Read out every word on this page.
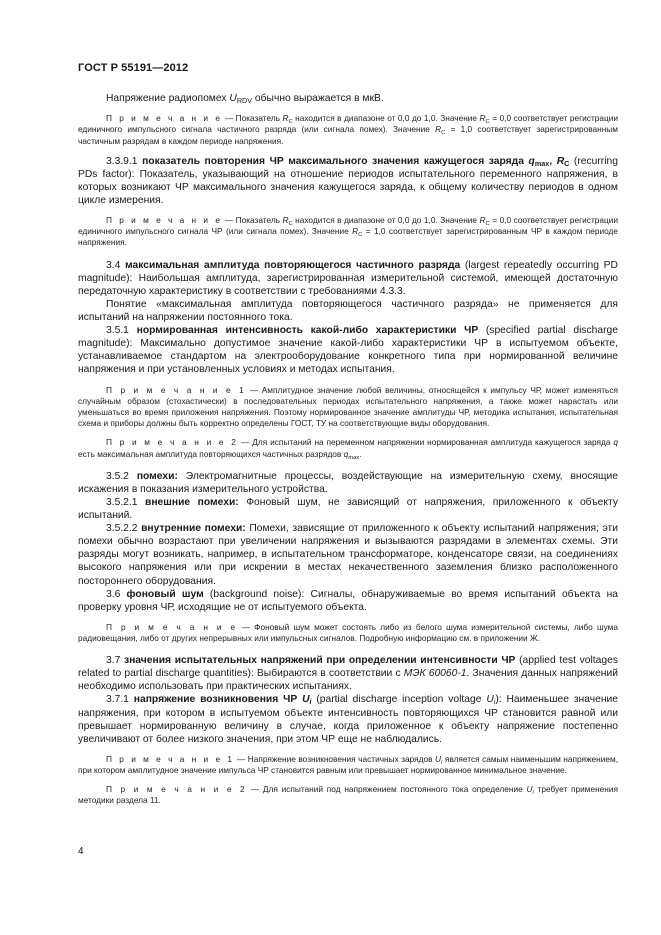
ГОСТ Р 55191—2012

Напряжение радиопомех $U_{RDV}$ обычно выражается в мкВ.

П р и м е ч а н и е — Показатель $R_C$ находится в диапазоне от 0,0 до 1,0. Значение $R_C = 0,0$ соответствует регистрации единичного импульсного сигнала частичного разряда (или сигнала помех). Значение $R_C = 1,0$ соответствует зарегистрированным частичным разрядам в каждом периоде напряжения.

3.3.9.1 показатель повторения ЧР максимального значения кажущегося заряда $q_{max}$, $R_C$ (recurring PDs factor): Показатель, указывающий на отношение периодов испытательного переменного напряжения, в которых возникают ЧР максимального значения кажущегося заряда, к общему количеству периодов в одном цикле измерения.

П р и м е ч а н и е — Показатель $R_C$ находится в диапазоне от 0,0 до 1,0. Значение $R_C = 0,0$ соответствует регистрации единичного импульсного сигнала ЧР (или сигнала помех). Значение $R_C = 1,0$ соответствует зарегистрированным ЧР в каждом периоде напряжения.

3.4 максимальная амплитуда повторяющегося частичного разряда (largest repeatedly occurring PD magnitude): Наибольшая амплитуда, зарегистрированная измерительной системой, имеющей достаточную передаточную характеристику в соответствии с требованиями 4.3.3.

Понятие «максимальная амплитуда повторяющегося частичного разряда» не применяется для испытаний на напряжении постоянного тока.

3.5.1 нормированная интенсивность какой-либо характеристики ЧР (specified partial discharge magnitude): Максимально допустимое значение какой-либо характеристики ЧР в испытуемом объекте, устанавливаемое стандартом на электрооборудование конкретного типа при нормированной величине напряжения и при установленных условиях и методах испытания.

П р и м е ч а н и е 1 — Амплитудное значение любой величины, относящейся к импульсу ЧР, может изменяться случайным образом (стохастически) в последовательных периодах испытательного напряжения, а также может нарастать или уменьшаться во время приложения напряжения. Поэтому нормированное значение амплитуды ЧР, методика испытания, испытательная схема и приборы должны быть корректно определены ГОСТ, ТУ на соответствующие виды оборудования.

П р и м е ч а н и е 2 — Для испытаний на переменном напряжении нормированная амплитуда кажущегося заряда q есть максимальная амплитуда повторяющихся частичных разрядов $q_{max}$.

3.5.2 помехи: Электромагнитные процессы, воздействующие на измерительную схему, вносящие искажения в показания измерительного устройства.

3.5.2.1 внешние помехи: Фоновый шум, не зависящий от напряжения, приложенного к объекту испытаний.

3.5.2.2 внутренние помехи: Помехи, зависящие от приложенного к объекту испытаний напряжения; эти помехи обычно возрастают при увеличении напряжения и вызываются разрядами в элементах схемы. Эти разряды могут возникать, например, в испытательном трансформаторе, конденсаторе связи, на соединениях высокого напряжения или при искрении в местах некачественного заземления близко расположенного постороннего оборудования.

3.6 фоновый шум (background noise): Сигналы, обнаруживаемые во время испытаний объекта на проверку уровня ЧР, исходящие не от испытуемого объекта.

П р и м е ч а н и е — Фоновый шум может состоять либо из белого шума измерительной системы, либо шума радиовещания, либо от других непрерывных или импульсных сигналов. Подробную информацию см. в приложении Ж.

3.7 значения испытательных напряжений при определении интенсивности ЧР (applied test voltages related to partial discharge quantities): Выбираются в соответствии с МЭК 60060-1. Значения данных напряжений необходимо использовать при практических испытаниях.

3.7.1 напряжение возникновения ЧР $U_i$ (partial discharge inception voltage $U_i$): Наименьшее значение напряжения, при котором в испытуемом объекте интенсивность повторяющихся ЧР становится равной или превышает нормированную величину в случае, когда приложенное к объекту напряжение постепенно увеличивают от более низкого значения, при этом ЧР еще не наблюдались.

П р и м е ч а н и е 1 — Напряжение возникновения частичных зарядов $U_i$ является самым наименьшим напряжением, при котором амплитудное значение импульса ЧР становится равным или превышает нормированное минимальное значение.

П р и м е ч а н и е 2 — Для испытаний под напряжением постоянного тока определение $U_i$ требует применения методики раздела 11.

4
